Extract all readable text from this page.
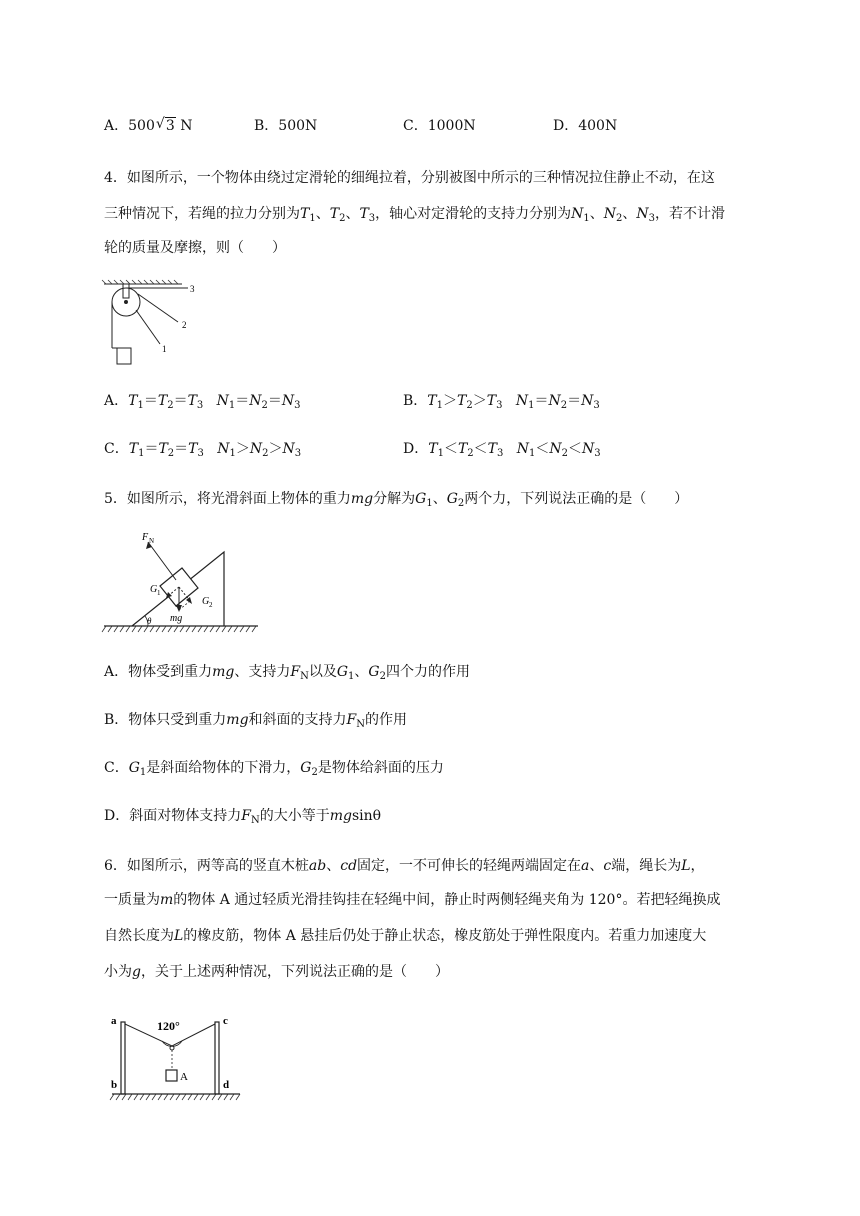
A．500 √ 3 N	B．500N	C．1000N	D．400N
4．如图所示，一个物体由绕过定滑轮的细绳拉着，分别被图中所示的三种情况拉住静止不动，在这
三种情况下，若绳的拉力分别为$T_1$、$T_2$、$T_3$，轴心对定滑轮的支持力分别为$N_1$、$N_2$、$N_3$，若不计滑
轮的质量及摩擦，则（　　）
3
2
1
A．$T_1=T_2=T_3$ $N_1=N_2=N_3$	B．$T_1>T_2>T_3$ $N_1=N_2=N_3$
C．$T_1=T_2=T_3$ $N_1>N_2>N_3$	D．$T_1<T_2<T_3$ $N_1<N_2<N_3$
5．如图所示，将光滑斜面上物体的重力mg分解为$G_1$、$G_2$两个力，下列说法正确的是（　　）
F N
G 1
G 2
mg
θ
A．物体受到重力mg、支持力$F_N$以及$G_1$、$G_2$四个力的作用
B．物体只受到重力mg和斜面的支持力$F_N$的作用
C．$G_1$是斜面给物体的下滑力，$G_2$是物体给斜面的压力
D．斜面对物体支持力$F_N$的大小等于mgsinθ
6．如图所示，两等高的竖直木桩ab、cd固定，一不可伸长的轻绳两端固定在a、c端，绳长为L，
一质量为m的物体 A 通过轻质光滑挂钩挂在轻绳中间，静止时两侧轻绳夹角为 120°。若把轻绳换成
自然长度为L的橡皮筋，物体 A 悬挂后仍处于静止状态，橡皮筋处于弹性限度内。若重力加速度大
小为g，关于上述两种情况，下列说法正确的是（　　）
a	c
b	d
120°
A
